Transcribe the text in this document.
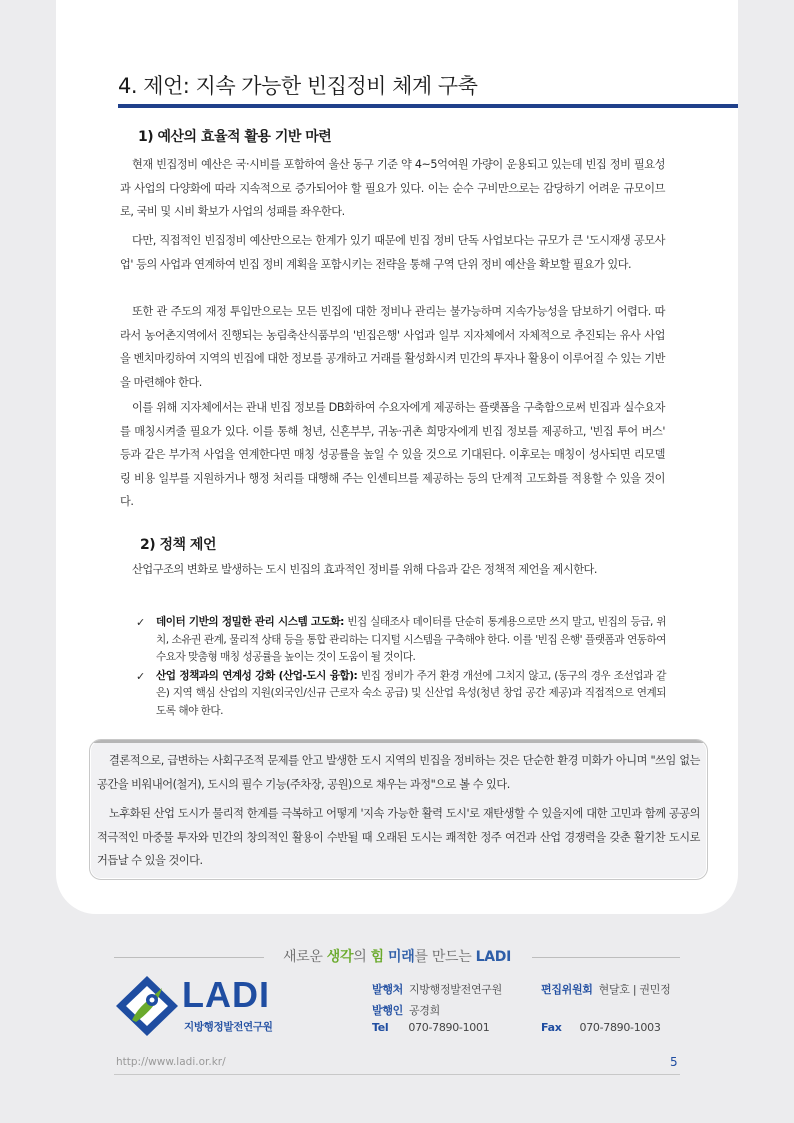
4. 제언: 지속 가능한 빈집정비 체계 구축
1) 예산의 효율적 활용 기반 마련

현재 빈집정비 예산은 국·시비를 포함하여 울산 동구 기준 약 4~5억여원 가량이 운용되고 있는데 빈집 정비 필요성과 사업의 다양화에 따라 지속적으로 증가되어야 할 필요가 있다. 이는 순수 구비만으로는 감당하기 어려운 규모이므로, 국비 및 시비 확보가 사업의 성패를 좌우한다.

다만, 직접적인 빈집정비 예산만으로는 한계가 있기 때문에 빈집 정비 단독 사업보다는 규모가 큰 '도시재생 공모사업' 등의 사업과 연계하여 빈집 정비 계획을 포함시키는 전략을 통해 구역 단위 정비 예산을 확보할 필요가 있다.

또한 관 주도의 재정 투입만으로는 모든 빈집에 대한 정비나 관리는 불가능하며 지속가능성을 담보하기 어렵다. 따라서 농어촌지역에서 진행되는 농림축산식품부의 '빈집은행' 사업과 일부 지자체에서 자체적으로 추진되는 유사 사업을 벤치마킹하여 지역의 빈집에 대한 정보를 공개하고 거래를 활성화시켜 민간의 투자나 활용이 이루어질 수 있는 기반을 마련해야 한다.

이를 위해 지자체에서는 관내 빈집 정보를 DB화하여 수요자에게 제공하는 플랫폼을 구축함으로써 빈집과 실수요자를 매칭시켜줄 필요가 있다. 이를 통해 청년, 신혼부부, 귀농·귀촌 희망자에게 빈집 정보를 제공하고, '빈집 투어 버스' 등과 같은 부가적 사업을 연계한다면 매칭 성공률을 높일 수 있을 것으로 기대된다. 이후로는 매칭이 성사되면 리모델링 비용 일부를 지원하거나 행정 처리를 대행해 주는 인센티브를 제공하는 등의 단계적 고도화를 적용할 수 있을 것이다.

2) 정책 제언

산업구조의 변화로 발생하는 도시 빈집의 효과적인 정비를 위해 다음과 같은 정책적 제언을 제시한다.

✓ 데이터 기반의 정밀한 관리 시스템 고도화: 빈집 실태조사 데이터를 단순히 통계용으로만 쓰지 말고, 빈집의 등급, 위치, 소유권 관계, 물리적 상태 등을 통합 관리하는 디지털 시스템을 구축해야 한다. 이를 '빈집 은행' 플랫폼과 연동하여 수요자 맞춤형 매칭 성공률을 높이는 것이 도움이 될 것이다.
✓ 산업 정책과의 연계성 강화 (산업-도시 융합): 빈집 정비가 주거 환경 개선에 그치지 않고, (동구의 경우 조선업과 같은) 지역 핵심 산업의 지원(외국인/신규 근로자 숙소 공급) 및 신산업 육성(청년 창업 공간 제공)과 직접적으로 연계되도록 해야 한다.

결론적으로, 급변하는 사회구조적 문제를 안고 발생한 도시 지역의 빈집을 정비하는 것은 단순한 환경 미화가 아니며 "쓰임 없는 공간을 비워내어(철거), 도시의 필수 기능(주차장, 공원)으로 채우는 과정"으로 볼 수 있다.

노후화된 산업 도시가 물리적 한계를 극복하고 어떻게 '지속 가능한 활력 도시'로 재탄생할 수 있을지에 대한 고민과 함께 공공의 적극적인 마중물 투자와 민간의 창의적인 활용이 수반될 때 오래된 도시는 쾌적한 정주 여건과 산업 경쟁력을 갖춘 활기찬 도시로 거듭날 수 있을 것이다.

새로운 생각의 힘 미래를 만드는 LADI
LADI
지방행정발전연구원
발행처 지방행정발전연구원
발행인 공경희
Tel 070-7890-1001
편집위원회 현달호 | 권민정
Fax 070-7890-1003
http://www.ladi.or.kr/	5
